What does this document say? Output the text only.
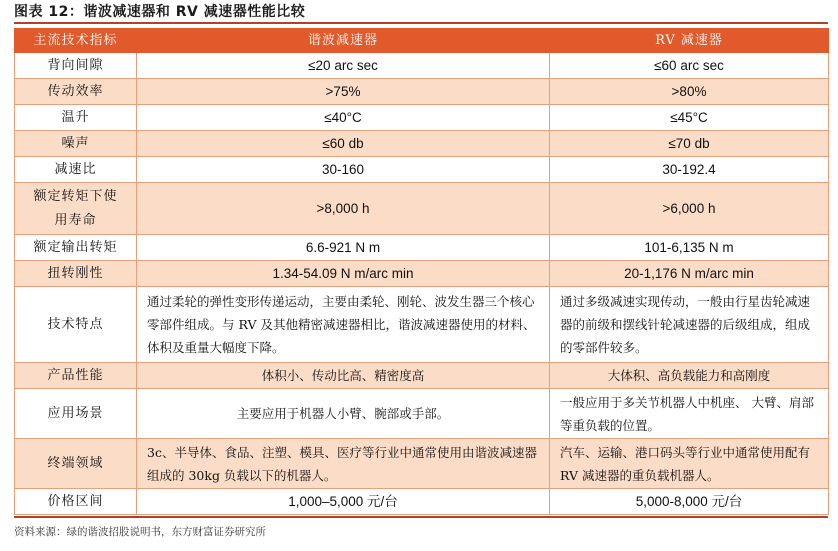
图表 12：谐波减速器和 RV 减速器性能比较
主流技术指标	谐波减速器	RV 减速器
背向间隙	≤20 arc sec	≤60 arc sec
传动效率	>75%	>80%
温升	≤40°C	≤45°C
噪声	≤60 db	≤70 db
减速比	30-160	30-192.4
额定转矩下使用寿命	>8,000 h	>6,000 h
额定输出转矩	6.6-921 N m	101-6,135 N m
扭转刚性	1.34-54.09 N m/arc min	20-1,176 N m/arc min
技术特点	通过柔轮的弹性变形传递运动，主要由柔轮、刚轮、波发生器三个核心零部件组成。与 RV 及其他精密减速器相比，谐波减速器使用的材料、体积及重量大幅度下降。	通过多级减速实现传动，一般由行星齿轮减速器的前级和摆线针轮减速器的后级组成，组成的零部件较多。
产品性能	体积小、传动比高、精密度高	大体积、高负载能力和高刚度
应用场景	主要应用于机器人小臂、腕部或手部。	一般应用于多关节机器人中机座、 大臂、肩部等重负载的位置。
终端领域	3c、半导体、食品、注塑、模具、医疗等行业中通常使用由谐波减速器组成的 30kg 负载以下的机器人。	汽车、运输、港口码头等行业中通常使用配有 RV 减速器的重负载机器人。
价格区间	1,000–5,000 元/台	5,000-8,000 元/台
资料来源：绿的谐波招股说明书，东方财富证券研究所
